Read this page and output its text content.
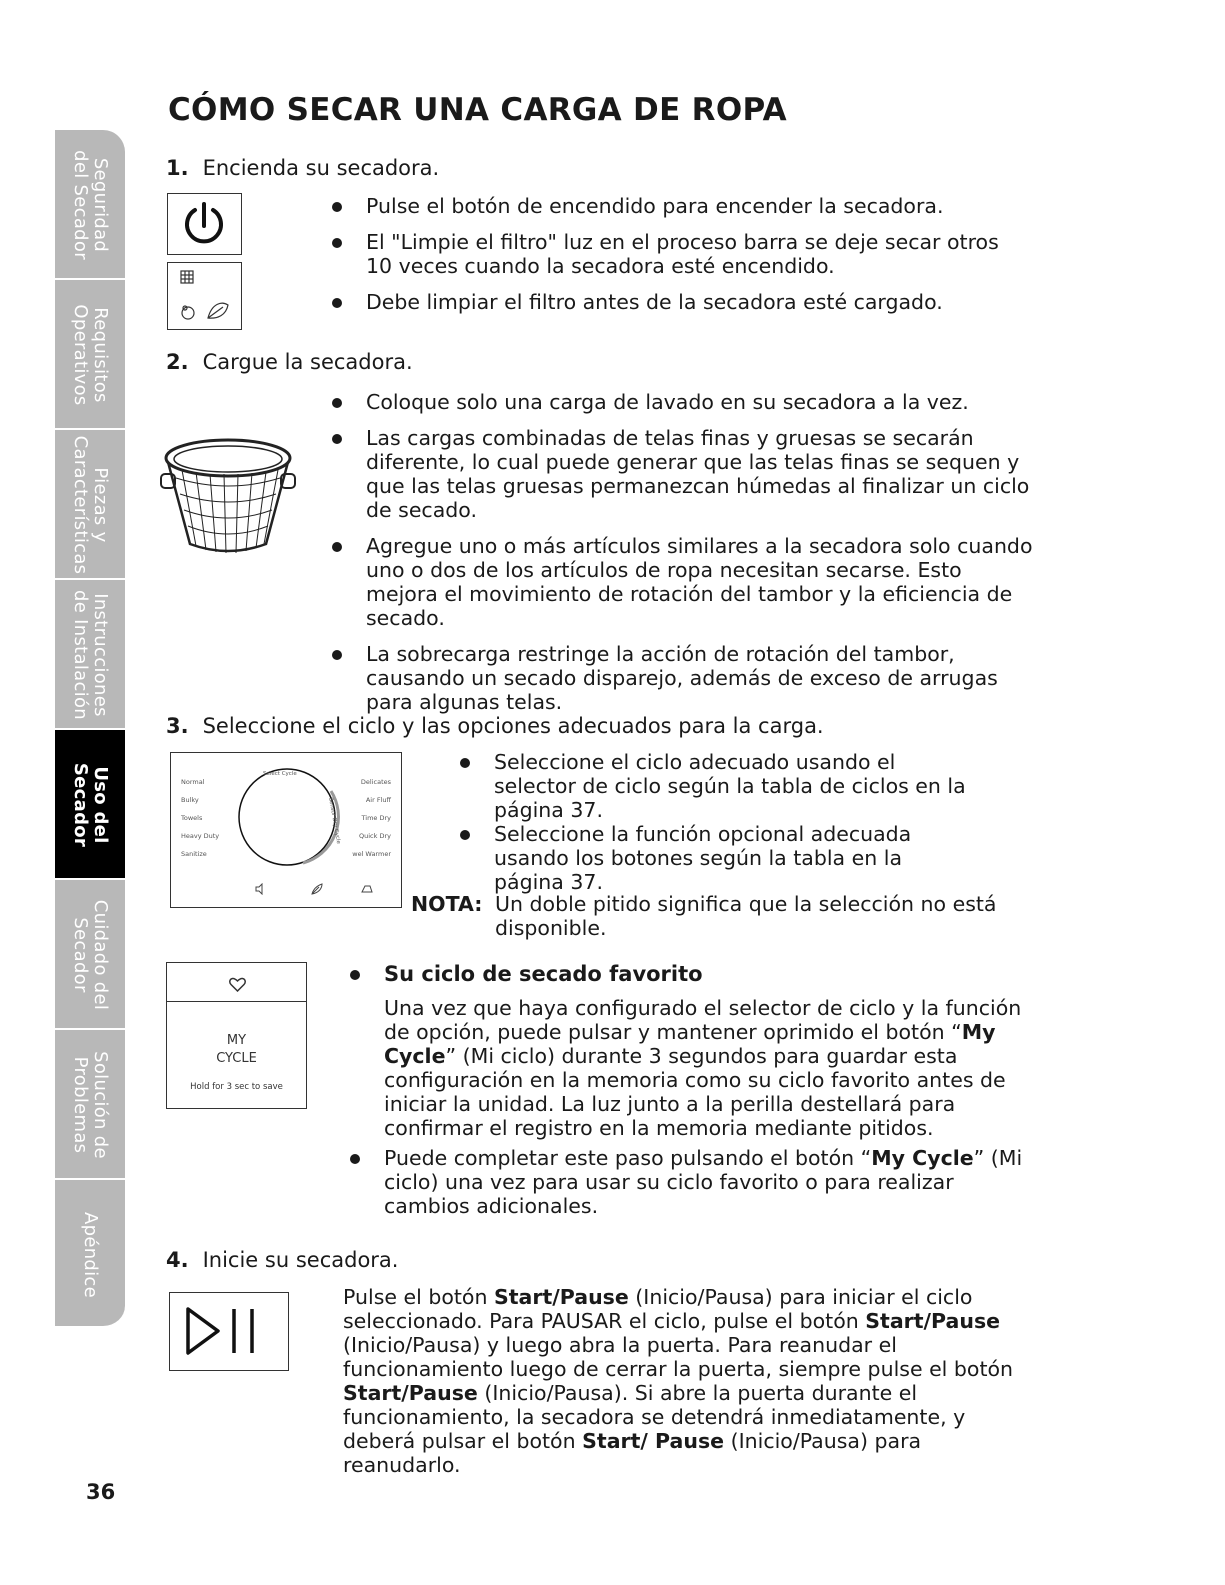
Seguridad
del Secador
Requisitos
Operativos
Piezas y
Características
Instrucciones
de Instalación
Uso del
Secador
Cuidado del
Secador
Solución de
Problemas
Apéndice
CÓMO SECAR UNA CARGA DE ROPA
1. Encienda su secadora.
Pulse el botón de encendido para encender la secadora.
El "Limpie el filtro" luz en el proceso barra se deje secar otros 10 veces cuando la secadora esté encendido.
Debe limpiar el filtro antes de la secadora esté cargado.
2. Cargue la secadora.
Coloque solo una carga de lavado en su secadora a la vez.
Las cargas combinadas de telas finas y gruesas se secarán diferente, lo cual puede generar que las telas finas se sequen y que las telas gruesas permanezcan húmedas al finalizar un ciclo de secado.
Agregue uno o más artículos similares a la secadora solo cuando uno o dos de los artículos de ropa necesitan secarse. Esto mejora el movimiento de rotación del tambor y la eficiencia de secado.
La sobrecarga restringe la acción de rotación del tambor, causando un secado disparejo, además de exceso de arrugas para algunas telas.
3. Seleccione el ciclo y las opciones adecuados para la carga.
Normal
Bulky
Towels
Heavy Duty
Sanitize
Delicates
Air Fluff
Time Dry
Quick Dry
wel Warmer
Select Cycle
Sensor Dry Cycle
Seleccione el ciclo adecuado usando el selector de ciclo según la tabla de ciclos en la página 37.
Seleccione la función opcional adecuada usando los botones según la tabla en la página 37.
NOTA: Un doble pitido significa que la selección no está disponible.
MY
CYCLE
Hold for 3 sec to save
Su ciclo de secado favorito
Una vez que haya configurado el selector de ciclo y la función de opción, puede pulsar y mantener oprimido el botón “My Cycle” (Mi ciclo) durante 3 segundos para guardar esta configuración en la memoria como su ciclo favorito antes de iniciar la unidad. La luz junto a la perilla destellará para confirmar el registro en la memoria mediante pitidos.
Puede completar este paso pulsando el botón “My Cycle” (Mi ciclo) una vez para usar su ciclo favorito o para realizar cambios adicionales.
4. Inicie su secadora.
Pulse el botón Start/Pause (Inicio/Pausa) para iniciar el ciclo seleccionado. Para PAUSAR el ciclo, pulse el botón Start/Pause (Inicio/Pausa) y luego abra la puerta. Para reanudar el funcionamiento luego de cerrar la puerta, siempre pulse el botón Start/Pause (Inicio/Pausa). Si abre la puerta durante el funcionamiento, la secadora se detendrá inmediatamente, y deberá pulsar el botón Start/ Pause (Inicio/Pausa) para reanudarlo.
36
